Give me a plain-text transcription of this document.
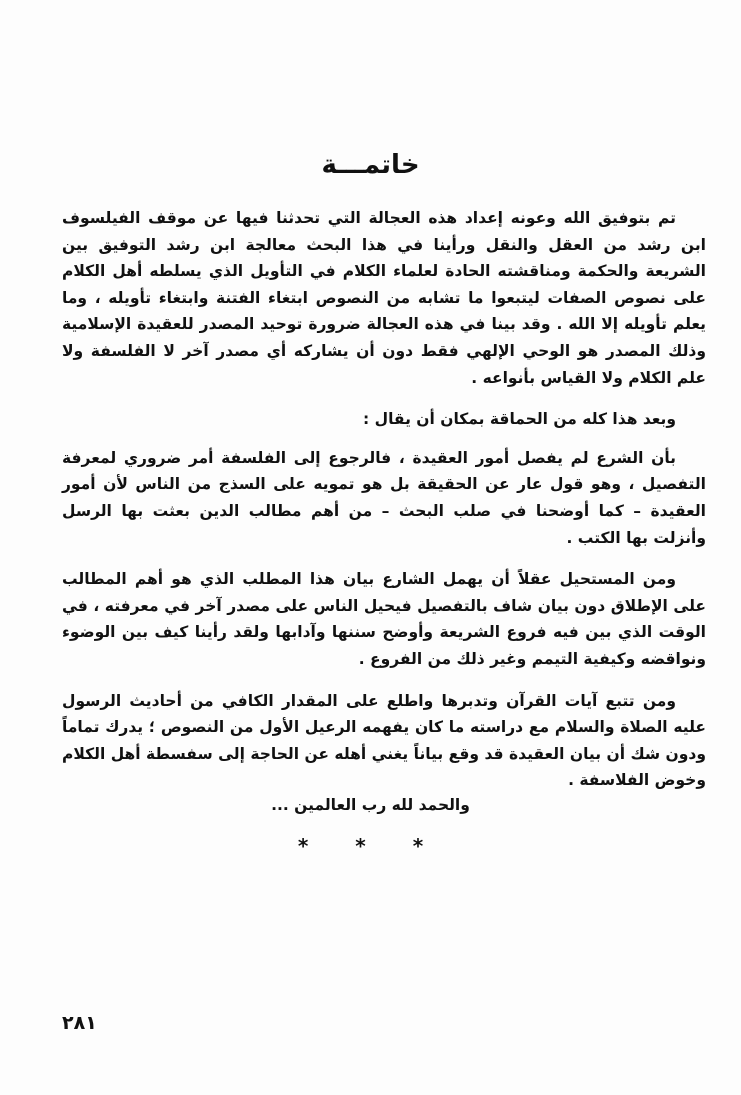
خاتمـــة

تم بتوفيق الله وعونه إعداد هذه العجالة التي تحدثنا فيها عن موقف الفيلسوف ابن رشد من العقل والنقل ورأينا في هذا البحث معالجة ابن رشد التوفيق بين الشريعة والحكمة ومناقشته الحادة لعلماء الكلام في التأويل الذي يسلطه أهل الكلام على نصوص الصفات ليتبعوا ما تشابه من النصوص ابتغاء الفتنة وابتغاء تأويله ، وما يعلم تأويله إلا الله . وقد بينا في هذه العجالة ضرورة توحيد المصدر للعقيدة الإسلامية وذلك المصدر هو الوحي الإلهي فقط دون أن يشاركه أي مصدر آخر لا الفلسفة ولا علم الكلام ولا القياس بأنواعه .

وبعد هذا كله من الحماقة بمكان أن يقال :

بأن الشرع لم يفصل أمور العقيدة ، فالرجوع إلى الفلسفة أمر ضروري لمعرفة التفصيل ، وهو قول عار عن الحقيقة بل هو تمويه على السذج من الناس لأن أمور العقيدة – كما أوضحنا في صلب البحث – من أهم مطالب الدين بعثت بها الرسل وأنزلت بها الكتب .

ومن المستحيل عقلاً أن يهمل الشارع بيان هذا المطلب الذي هو أهم المطالب على الإطلاق دون بيان شاف بالتفصيل فيحيل الناس على مصدر آخر في معرفته ، في الوقت الذي بين فيه فروع الشريعة وأوضح سننها وآدابها ولقد رأينا كيف بين الوضوء ونواقضه وكيفية التيمم وغير ذلك من الفروع .

ومن تتبع آيات القرآن وتدبرها واطلع على المقدار الكافي من أحاديث الرسول عليه الصلاة والسلام مع دراسته ما كان يفهمه الرعيل الأول من النصوص ؛ يدرك تماماً ودون شك أن بيان العقيدة قد وقع بياناً يغني أهله عن الحاجة إلى سفسطة أهل الكلام وخوض الفلاسفة .

والحمد لله رب العالمين ...

* * *

٢٨١
